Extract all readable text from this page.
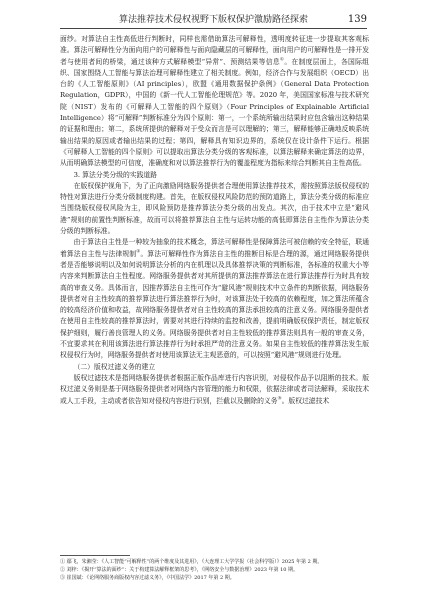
算法推荐技术侵权视野下版权保护激励路径探索	139

面纱。对算法自主性高低进行判断时，同样也需借助算法可解释性，透明度转征进一步提取其客观标准。算法可解释性分为面向用户的可解释性与面向隐藏层的可解释性，面向用户的可解释性是一排开发者与使用者间的桥梁，通过该种方式解释模型“异常”、预测结果等信息①。在制度层面上，各国际组织、国家围绕人工智能与算法治理可解释性建立了相关制度。例如，经济合作与发展组织（OECD）出台的《人工智能原则》（AI principles），欧盟《通用数据保护条例》（General Data Protection Regulation，GDPR），中国的《新一代人工智能伦理规范》等。2020 年，美国国家标准与技术研究院（NIST）发布的《可解释人工智能的四个原则》（Four Principles of Explainable Artificial Intelligence）将“可解释”判断标准分为四个原则：第一，一个系统所输出结果时应包含输出这种结果的证据和理由；第二，系统所提供的解释对于受众而言是可以理解的；第三，解释能够正确地反映系统输出结果的原因或者输出结果的过程；第四，解释具有知识边界的，系统仅在设计条件下运行。根据《可解释人工智能的四个原则》可以提取出算法分类分级的客观标准，以算法解释来确定算法的边界，从而明确算法模型的可信度，准确度和对以算法推荐行为的覆盖程度为指标来综合判断其自主性高低。

3. 算法分类分级的实践道路

在版权保护视角下，为了正向激励网络服务提供者合理使用算法推荐技术，需按照算法版权侵权的特性对算法进行分类分级制度构建。首先，在版权侵权风险防范的预防道路上，算法分类分级的标准应当围绕版权侵权风险为主，即风险预防是推荐算法分类分级的出发点。其次，由于技术中立是“避风港”规则的前置性判断标准，故而可以将推荐算法自主性与运转功能的高低即算法自主性作为算法分类分级的判断标准。

由于算法自主性是一种较为抽象的技术概念，算法可解释性是保障算法可被信赖的安全特征，联通着算法自主性与法律规制②。算法可解释性作为算法自主性的推断目标是合理的源，通过网络服务提供者是否能够说明以及如何说明算法分析的内在机理以及具体推荐决策的判断标准，各标准的权重大小等内容来判断算法自主性程度。网络服务提供者对其所提供的算法推荐算法在进行算法推荐行为时具有较高的审查义务。具体而言，因推荐算法自主性可作为“避风港”规则技术中立条件的判断依据，网络服务提供者对自主性较高的推荐算法进行算法推荐行为时，对该算法处于较高的依赖程度，加之算法所蕴含的较高经济价值和收益，故网络服务提供者对自主性较高的算法承担较高的注意义务。网络服务提供者在使用自主性较高的推荐算法时，需要对其进行持续的监控和改善，提前明确版权保护责任，制定版权保护细则，履行善良管理人的义务。网络服务提供者对自主性较低的推荐算法则具有一般的审查义务，不宜要求其在利用该算法进行算法推荐行为时承担严苛的注意义务。如果自主性较低的推荐算法发生版权侵权行为时，网络服务提供者对使用该算法无主观恶意的，可以按照“避风港”规则进行处理。

（二）版权过滤义务的建立

版权过滤技术是指网络服务提供者根据正版作品库进行内容识别，对侵权作品予以阻断的技术。版权过滤义务则是基于网络服务提供者对网络内容管理的能力和权限，依据法律或者司法解释，采取技术或人工手段，主动或者依告知对侵权内容进行识别，拦截以及删除的义务③。版权过滤技术

① 鄢飞，朱湘莹：《人工智能“可解释性”的两个维度及其进用》，《大连理工大学学报（社会科学版）》2025 年第 2 期。
② 刘梓：《揭开“算法的面纱”：关于构建算法解释框架的思考》，《网络安全与数据治理》2023 年第 10 期。
③ 崔国斌：《论网络服务商版权内容过滤义务》，《中国法学》2017 年第 2 期。
